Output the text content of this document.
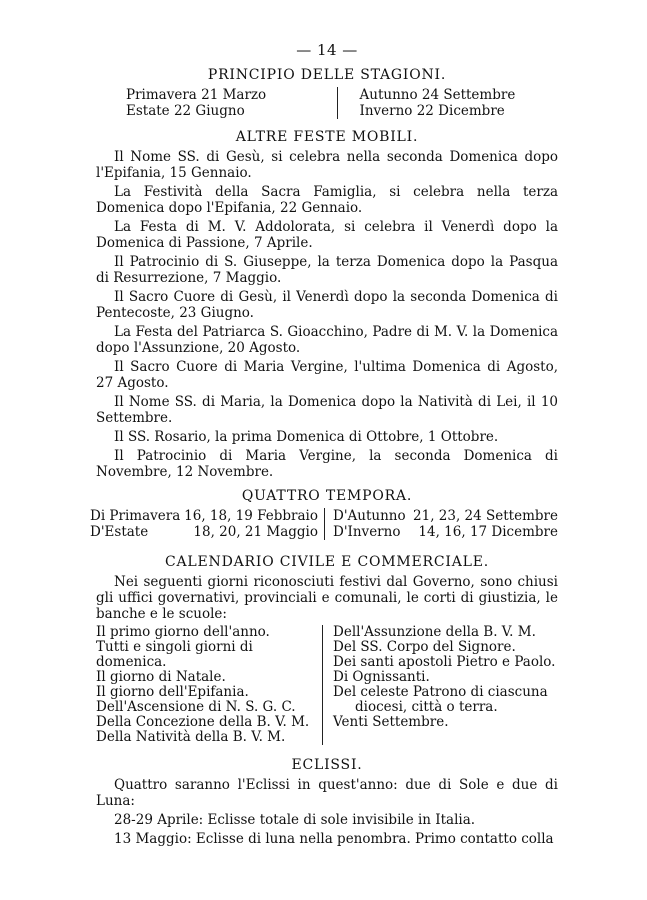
— 14 —
PRINCIPIO DELLE STAGIONI.
Primavera 21 Marzo
Estate 22 Giugno
Autunno 24 Settembre
Inverno 22 Dicembre
ALTRE FESTE MOBILI.

Il Nome SS. di Gesù, si celebra nella seconda Domenica dopo l'Epifania, 15 Gennaio.

La Festività della Sacra Famiglia, si celebra nella terza Domenica dopo l'Epifania, 22 Gennaio.

La Festa di M. V. Addolorata, si celebra il Venerdì dopo la Domenica di Passione, 7 Aprile.

Il Patrocinio di S. Giuseppe, la terza Domenica dopo la Pasqua di Resurrezione, 7 Maggio.

Il Sacro Cuore di Gesù, il Venerdì dopo la seconda Domenica di Pentecoste, 23 Giugno.

La Festa del Patriarca S. Gioacchino, Padre di M. V. la Domenica dopo l'Assunzione, 20 Agosto.

Il Sacro Cuore di Maria Vergine, l'ultima Domenica di Agosto, 27 Agosto.

Il Nome SS. di Maria, la Domenica dopo la Natività di Lei, il 10 Settembre.

Il SS. Rosario, la prima Domenica di Ottobre, 1 Ottobre.

Il Patrocinio di Maria Vergine, la seconda Domenica di Novembre, 12 Novembre.

QUATTRO TEMPORA.
Di Primavera 16, 18, 19 Febbraio D'Autunno 21, 23, 24 Settembre
D'Estate	18, 20, 21 Maggio D'Inverno 14, 16, 17 Dicembre
CALENDARIO CIVILE E COMMERCIALE.

Nei seguenti giorni riconosciuti festivi dal Governo, sono chiusi gli uffici governativi, provinciali e comunali, le corti di giustizia, le banche e le scuole:

Il primo giorno dell'anno.
Tutti e singoli giorni di domenica.
Il giorno di Natale.
Il giorno dell'Epifania.
Dell'Ascensione di N. S. G. C.
Della Concezione della B. V. M.
Della Natività della B. V. M.
Dell'Assunzione della B. V. M.
Del SS. Corpo del Signore.
Dei santi apostoli Pietro e Paolo.
Di Ognissanti.
Del celeste Patrono di ciascuna
diocesi, città o terra.
Venti Settembre.
ECLISSI.

Quattro saranno l'Eclissi in quest'anno: due di Sole e due di Luna:

28-29 Aprile: Eclisse totale di sole invisibile in Italia.

13 Maggio: Eclisse di luna nella penombra. Primo contatto colla
